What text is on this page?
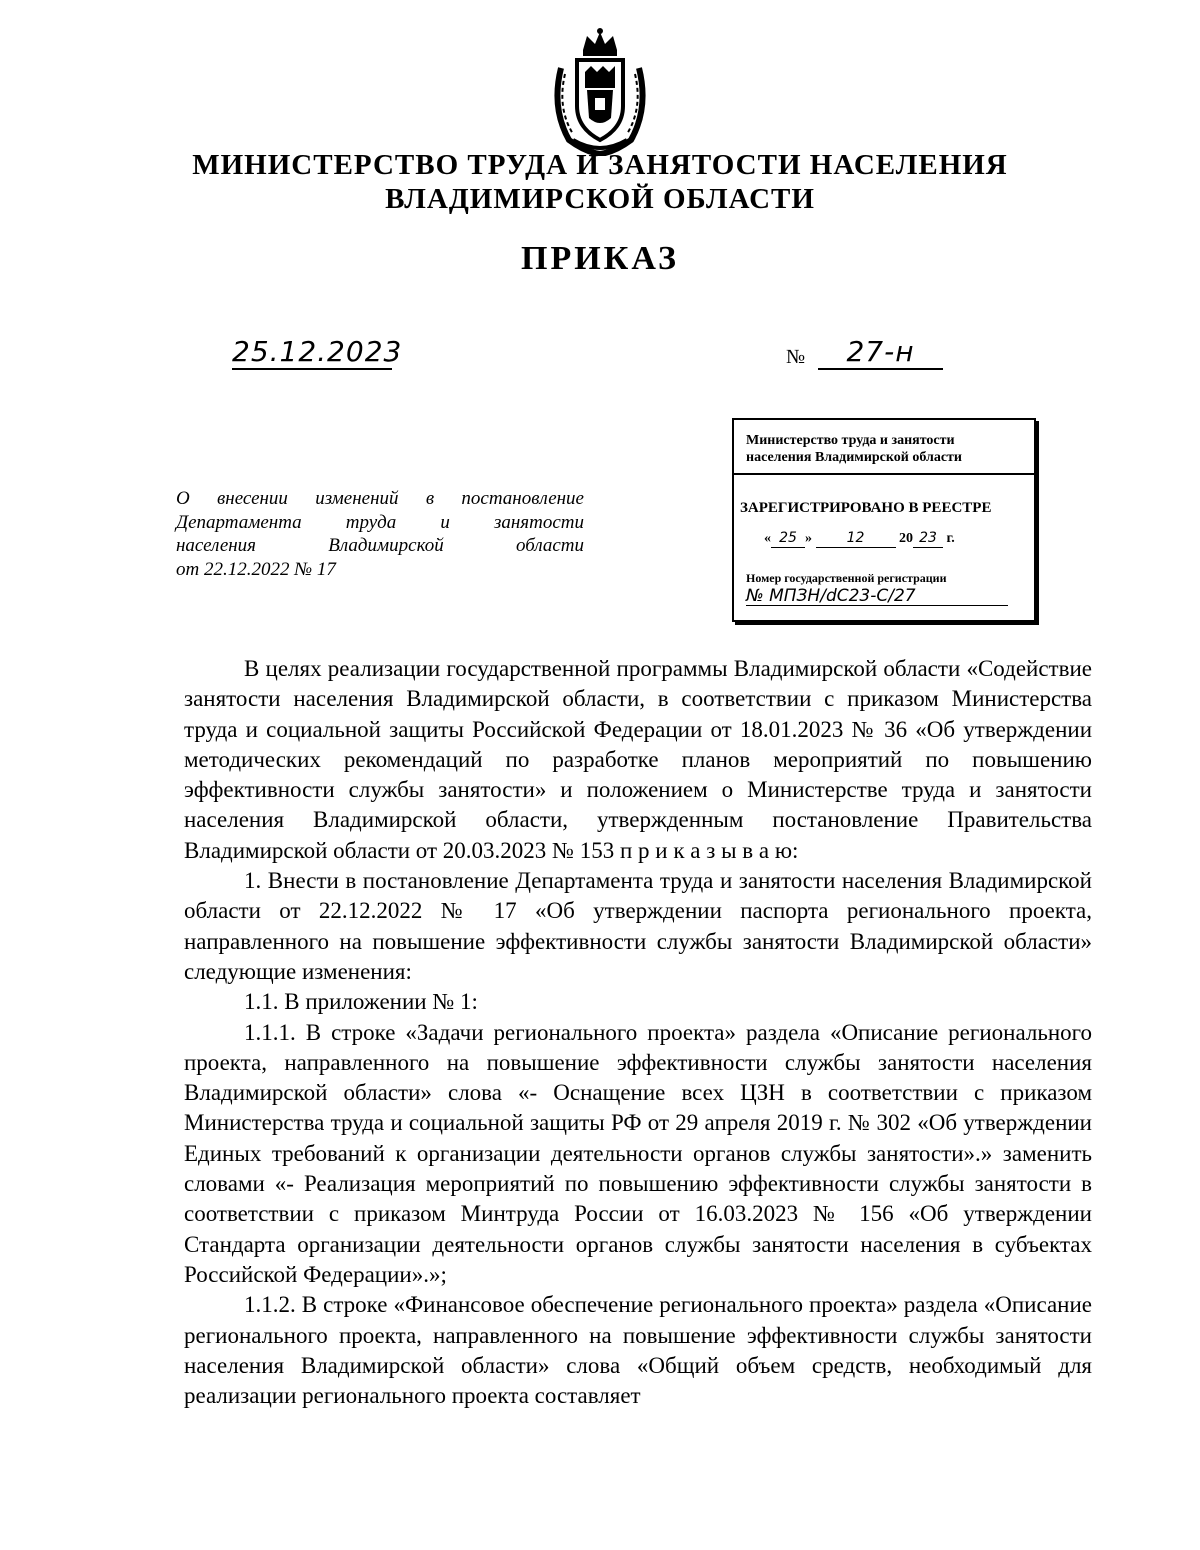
МИНИСТЕРСТВО ТРУДА И ЗАНЯТОСТИ НАСЕЛЕНИЯ
ВЛАДИМИРСКОЙ ОБЛАСТИ
ПРИКАЗ
25.12.2023	№	27-н
Министерство труда и занятости
населения Владимирской области
ЗАРЕГИСТРИРОВАНО В РЕЕСТРЕ
« 25 » 12 20 23 г.
Номер государственной регистрации
№ МПЗН/dC23-С/27
О внесении изменений в постановление
Департамента труда и занятости
населения Владимирской области
от 22.12.2022 № 17

В целях реализации государственной программы Владимирской области «Содействие занятости населения Владимирской области, в соответствии с приказом Министерства труда и социальной защиты Российской Федерации от 18.01.2023 № 36 «Об утверждении методических рекомендаций по разработке планов мероприятий по повышению эффективности службы занятости» и положением о Министерстве труда и занятости населения Владимирской области, утвержденным постановление Правительства Владимирской области от 20.03.2023 № 153 п р и к а з ы в а ю:

1. Внести в постановление Департамента труда и занятости населения Владимирской области от 22.12.2022 № 17 «Об утверждении паспорта регионального проекта, направленного на повышение эффективности службы занятости Владимирской области» следующие изменения:

1.1. В приложении № 1:

1.1.1. В строке «Задачи регионального проекта» раздела «Описание регионального проекта, направленного на повышение эффективности службы занятости населения Владимирской области» слова «- Оснащение всех ЦЗН в соответствии с приказом Министерства труда и социальной защиты РФ от 29 апреля 2019 г. № 302 «Об утверждении Единых требований к организации деятельности органов службы занятости».» заменить словами «- Реализация мероприятий по повышению эффективности службы занятости в соответствии с приказом Минтруда России от 16.03.2023 № 156 «Об утверждении Стандарта организации деятельности органов службы занятости населения в субъектах Российской Федерации».»;

1.1.2. В строке «Финансовое обеспечение регионального проекта» раздела «Описание регионального проекта, направленного на повышение эффективности службы занятости населения Владимирской области» слова «Общий объем средств, необходимый для реализации регионального проекта составляет
